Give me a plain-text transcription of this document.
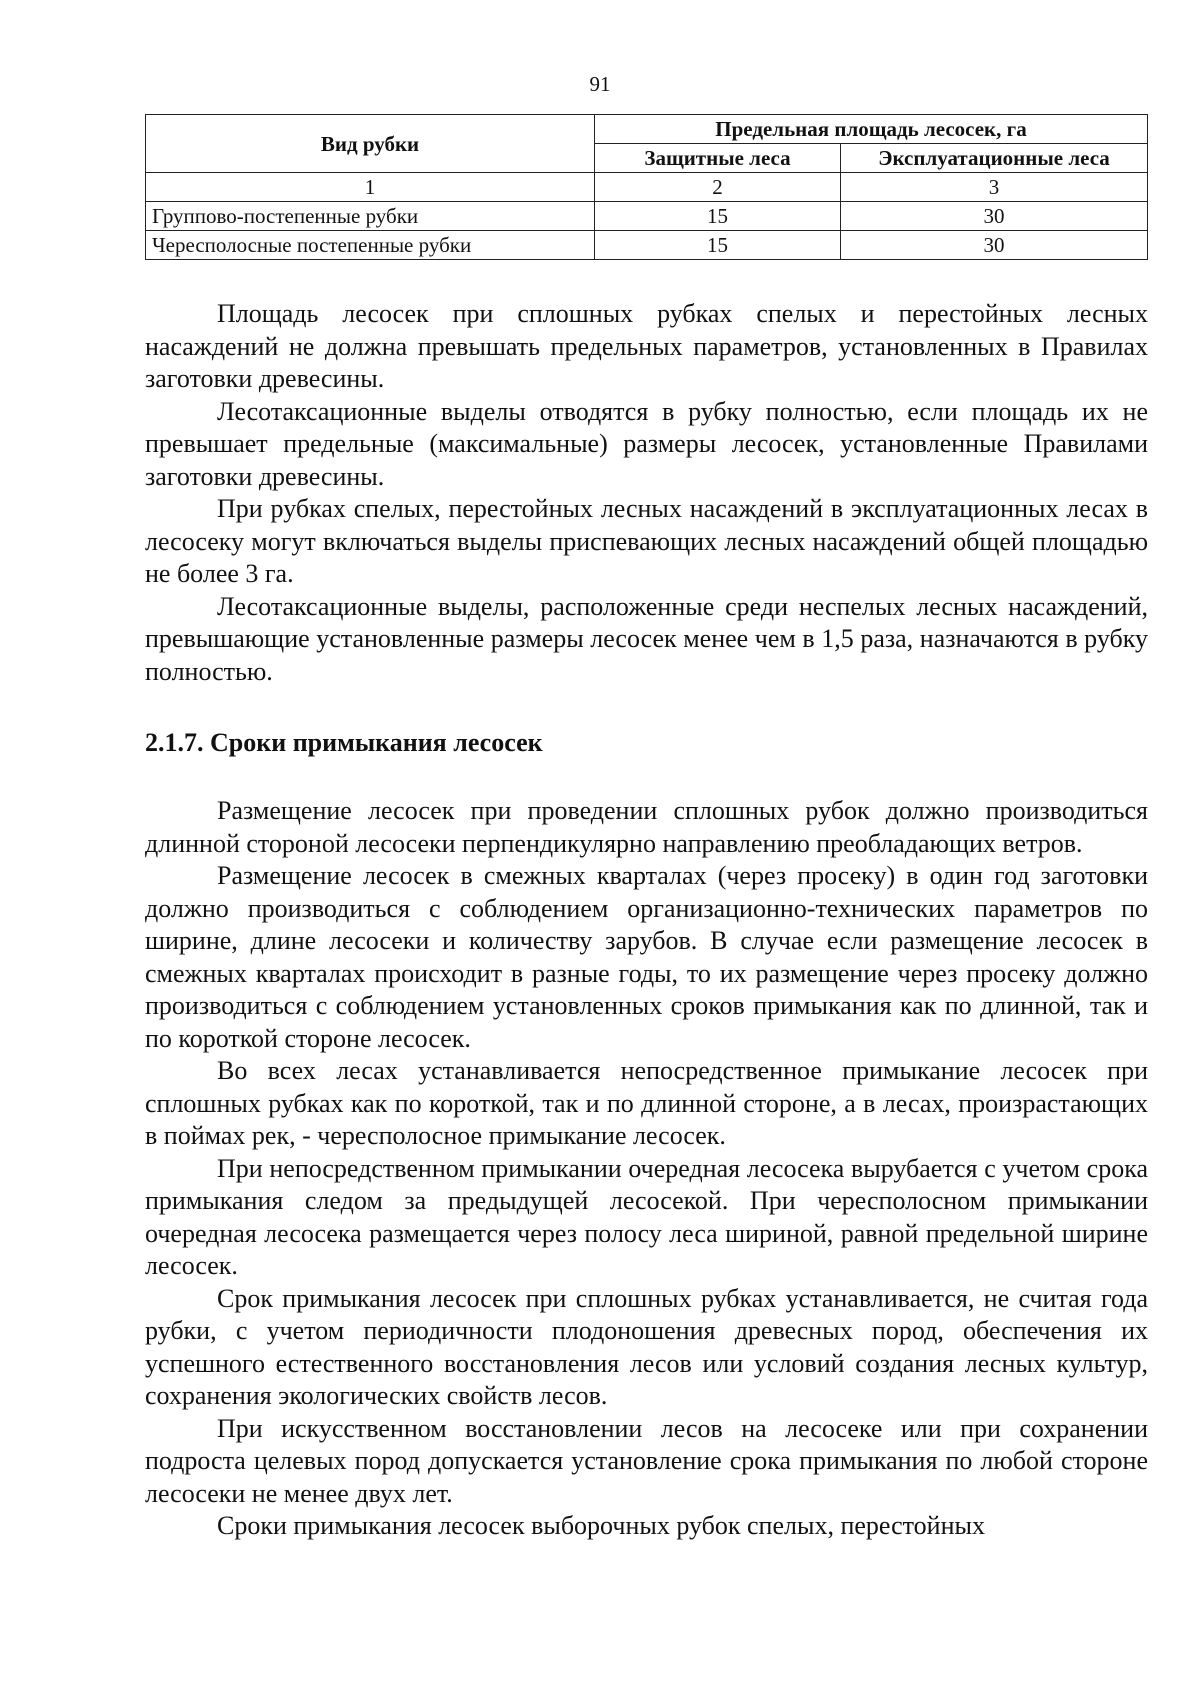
91
Вид рубки	Предельная площадь лесосек, га	
	Защитные леса	Эксплуатационные леса
1	2	3
Группово-постепенные рубки	15	30
Чересполосные постепенные рубки	15	30

Площадь лесосек при сплошных рубках спелых и перестойных лесных насаждений не должна превышать предельных параметров, установленных в Правилах заготовки древесины.

Лесотаксационные выделы отводятся в рубку полностью, если площадь их не превышает предельные (максимальные) размеры лесосек, установленные Правилами заготовки древесины.

При рубках спелых, перестойных лесных насаждений в эксплуатационных лесах в лесосеку могут включаться выделы приспевающих лесных насаждений общей площадью не более 3 га.

Лесотаксационные выделы, расположенные среди неспелых лесных насаждений, превышающие установленные размеры лесосек менее чем в 1,5 раза, назначаются в рубку полностью.

2.1.7. Сроки примыкания лесосек

Размещение лесосек при проведении сплошных рубок должно производиться длинной стороной лесосеки перпендикулярно направлению преобладающих ветров.

Размещение лесосек в смежных кварталах (через просеку) в один год заготовки должно производиться с соблюдением организационно-технических параметров по ширине, длине лесосеки и количеству зарубов. В случае если размещение лесосек в смежных кварталах происходит в разные годы, то их размещение через просеку должно производиться с соблюдением установленных сроков примыкания как по длинной, так и по короткой стороне лесосек.

Во всех лесах устанавливается непосредственное примыкание лесосек при сплошных рубках как по короткой, так и по длинной стороне, а в лесах, произрастающих в поймах рек, - чересполосное примыкание лесосек.

При непосредственном примыкании очередная лесосека вырубается с учетом срока примыкания следом за предыдущей лесосекой. При чересполосном примыкании очередная лесосека размещается через полосу леса шириной, равной предельной ширине лесосек.

Срок примыкания лесосек при сплошных рубках устанавливается, не считая года рубки, с учетом периодичности плодоношения древесных пород, обеспечения их успешного естественного восстановления лесов или условий создания лесных культур, сохранения экологических свойств лесов.

При искусственном восстановлении лесов на лесосеке или при сохранении подроста целевых пород допускается установление срока примыкания по любой стороне лесосеки не менее двух лет.

Сроки примыкания лесосек выборочных рубок спелых, перестойных
